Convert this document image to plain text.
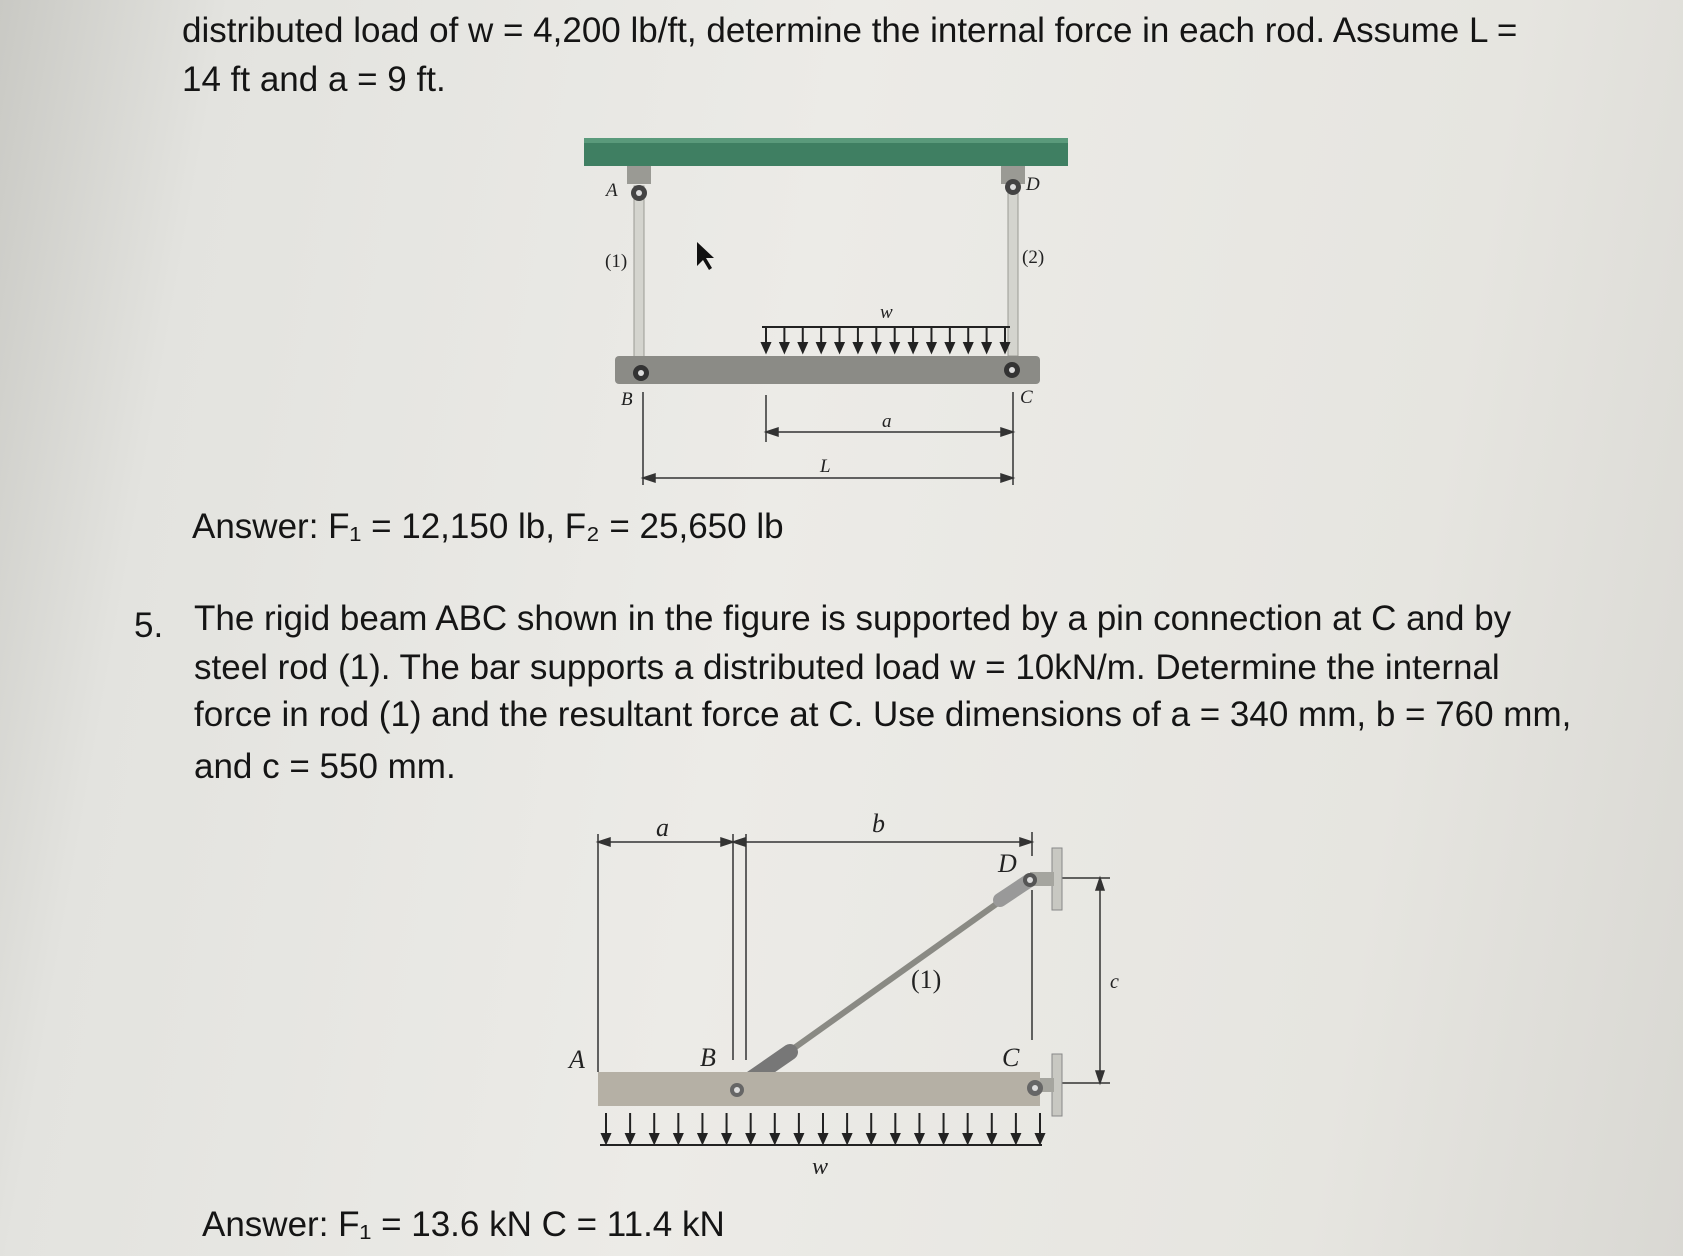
distributed load of w = 4,200 lb/ft, determine the internal force in each rod. Assume L =
14 ft and a = 9 ft.
A	D
(1)	(2)
w
B	C
a
L
Answer: F₁ = 12,150 lb, F₂ = 25,650 lb
5. The rigid beam ABC shown in the figure is supported by a pin connection at C and by
steel rod (1). The bar supports a distributed load w = 10kN/m. Determine the internal
force in rod (1) and the resultant force at C. Use dimensions of a = 340 mm, b = 760 mm,
and c = 550 mm.
a	b
D
(1)	c
A	B	C
w
Answer: F₁ = 13.6 kN C = 11.4 kN
